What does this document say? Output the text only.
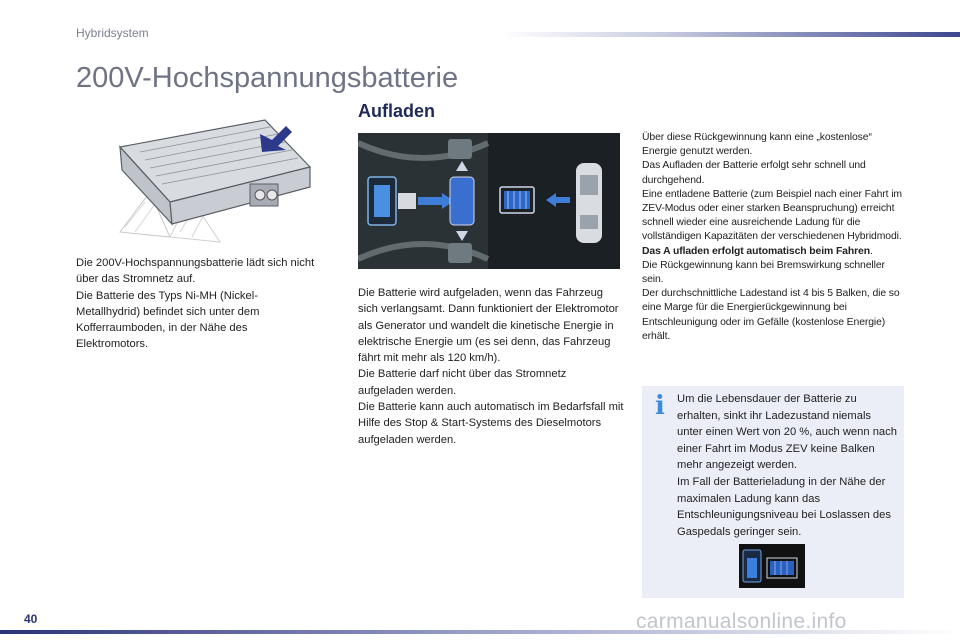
Hybridsystem
200V-Hochspannungsbatterie
Die 200V-Hochspannungsbatterie lädt sich nicht über das Stromnetz auf.
Die Batterie des Typs Ni-MH (Nickel-Metallhydrid) befindet sich unter dem Kofferraumboden, in der Nähe des Elektromotors.
Aufladen
Die Batterie wird aufgeladen, wenn das Fahrzeug sich verlangsamt. Dann funktioniert der Elektromotor als Generator und wandelt die kinetische Energie in elektrische Energie um (es sei denn, das Fahrzeug fährt mit mehr als 120 km/h).
Die Batterie darf nicht über das Stromnetz aufgeladen werden.
Die Batterie kann auch automatisch im Bedarfsfall mit Hilfe des Stop & Start-Systems des Dieselmotors aufgeladen werden.
Über diese Rückgewinnung kann eine „kostenlose“ Energie genutzt werden.
Das Aufladen der Batterie erfolgt sehr schnell und durchgehend.
Eine entladene Batterie (zum Beispiel nach einer Fahrt im ZEV-Modus oder einer starken Beanspruchung) erreicht schnell wieder eine ausreichende Ladung für die vollständigen Kapazitäten der verschiedenen Hybridmodi.
Das A ufladen erfolgt automatisch beim Fahren.
Die Rückgewinnung kann bei Bremswirkung schneller sein.
Der durchschnittliche Ladestand ist 4 bis 5 Balken, die so eine Marge für die Energierückgewinnung bei Entschleunigung oder im Gefälle (kostenlose Energie) erhält.
i Um die Lebensdauer der Batterie zu erhalten, sinkt ihr Ladezustand niemals unter einen Wert von 20 %, auch wenn nach einer Fahrt im Modus ZEV keine Balken mehr angezeigt werden.
Im Fall der Batterieladung in der Nähe der maximalen Ladung kann das Entschleunigungsniveau bei Loslassen des Gaspedals geringer sein.
40	carmanualsonline.info
